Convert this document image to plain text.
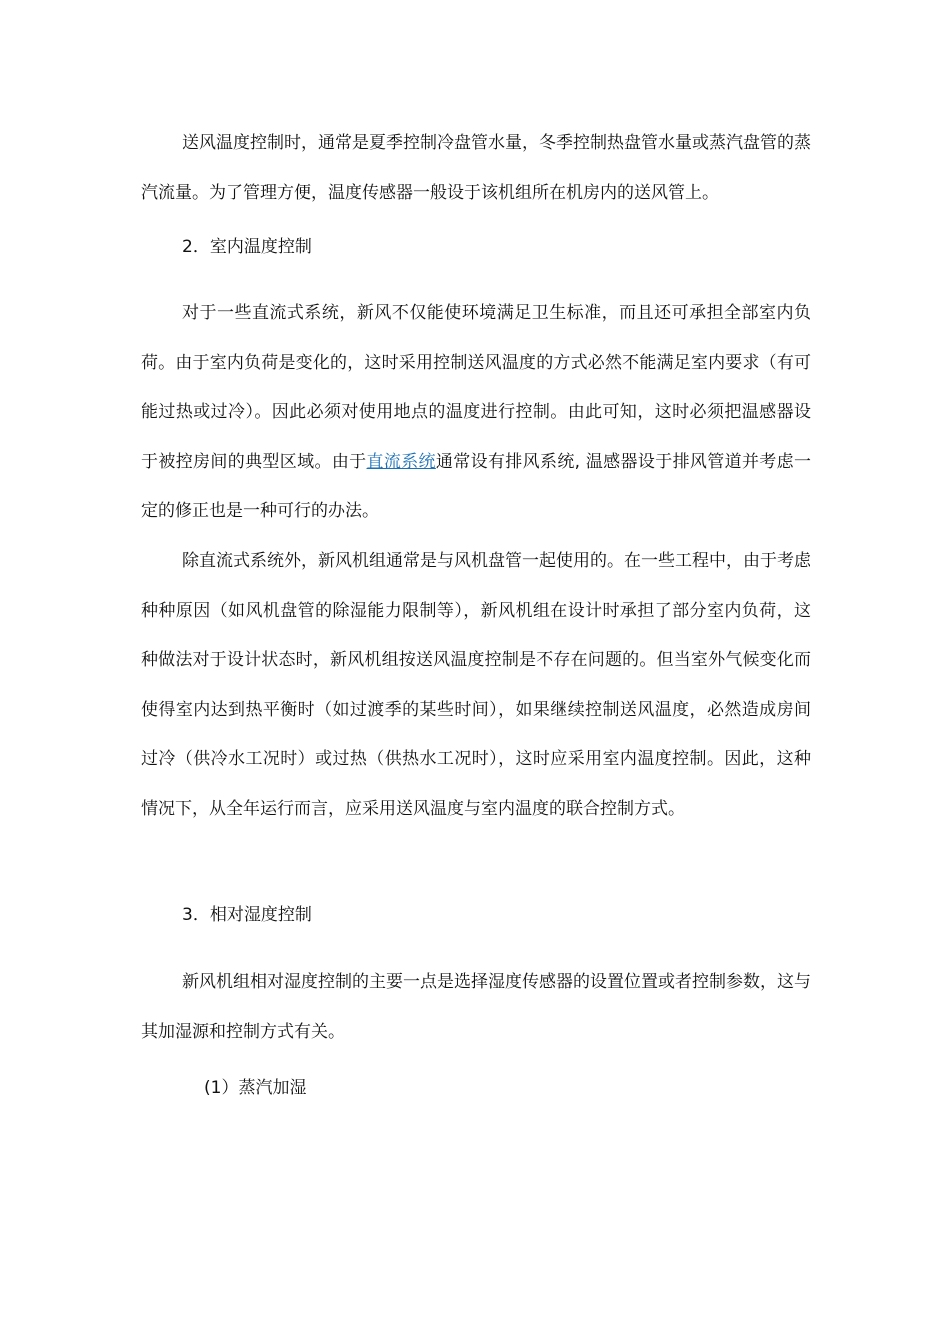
送风温度控制时，通常是夏季控制冷盘管水量，冬季控制热盘管水量或蒸汽盘管的蒸汽流量。为了管理方便，温度传感器一般设于该机组所在机房内的送风管上。

2．室内温度控制

对于一些直流式系统，新风不仅能使环境满足卫生标准，而且还可承担全部室内负荷。由于室内负荷是变化的，这时采用控制送风温度的方式必然不能满足室内要求（有可能过热或过冷）。因此必须对使用地点的温度进行控制。由此可知，这时必须把温感器设于被控房间的典型区域。由于直流系统通常设有排风系统, 温感器设于排风管道并考虑一定的修正也是一种可行的办法。

除直流式系统外，新风机组通常是与风机盘管一起使用的。在一些工程中，由于考虑种种原因（如风机盘管的除湿能力限制等），新风机组在设计时承担了部分室内负荷，这种做法对于设计状态时，新风机组按送风温度控制是不存在问题的。但当室外气候变化而使得室内达到热平衡时（如过渡季的某些时间），如果继续控制送风温度，必然造成房间过冷（供冷水工况时）或过热（供热水工况时），这时应采用室内温度控制。因此，这种情况下，从全年运行而言，应采用送风温度与室内温度的联合控制方式。

3．相对湿度控制

新风机组相对湿度控制的主要一点是选择湿度传感器的设置位置或者控制参数，这与其加湿源和控制方式有关。

(1）蒸汽加湿
